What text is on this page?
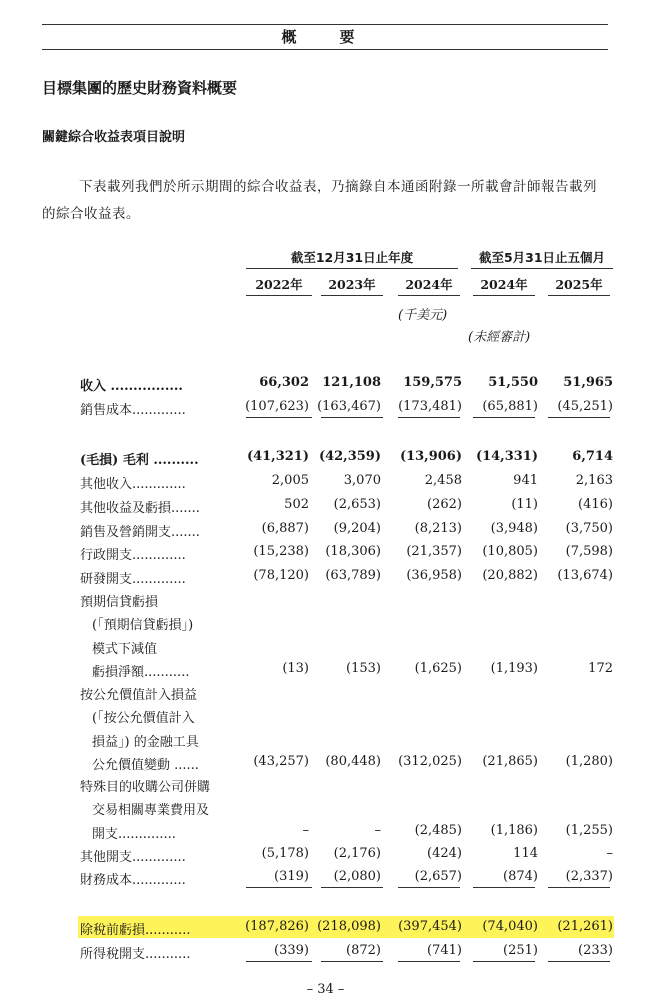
概　要
目標集團的歷史財務資料概要
關鍵綜合收益表項目說明
下表載列我們於所示期間的綜合收益表，乃摘錄自本通函附錄一所載會計師報告載列的綜合收益表。
截至12月31日止年度	截至5月31日止五個月
2022年	2023年	2024年	2024年	2025年
(千美元)
(未經審計)
收入 ................	66,302 121,108 159,575 51,550 51,965
銷售成本.............	(107,623) (163,467) (173,481) (65,881) (45,251)
(毛損) 毛利 ..........	(41,321) (42,359) (13,906) (14,331)	6,714
其他收入.............	2,005	3,070	2,458	941	2,163
其他收益及虧損.......	502 (2,653)	(262)	(11)	(416)
銷售及營銷開支.......	(6,887) (9,204)	(8,213) (3,948) (3,750)
行政開支.............	(15,238) (18,306) (21,357) (10,805) (7,598)
研發開支.............	(78,120) (63,789) (36,958) (20,882) (13,674)
預期信貸虧損
(「預期信貸虧損」)
模式下減值
虧損淨額...........	(13)	(153)	(1,625) (1,193)	172
按公允價值計入損益
(「按公允價值計入
損益」) 的金融工具
公允價值變動 ......	(43,257) (80,448) (312,025) (21,865) (1,280)
特殊目的收購公司併購
交易相關專業費用及
開支..............	–	–	(2,485) (1,186) (1,255)
其他開支.............	(5,178) (2,176)	(424)	114	–
財務成本.............	(319) (2,080)	(2,657)	(874) (2,337)
除稅前虧損...........	(187,826) (218,098) (397,454) (74,040) (21,261)
所得稅開支...........	(339)	(872)	(741)	(251)	(233)
– 34 –
